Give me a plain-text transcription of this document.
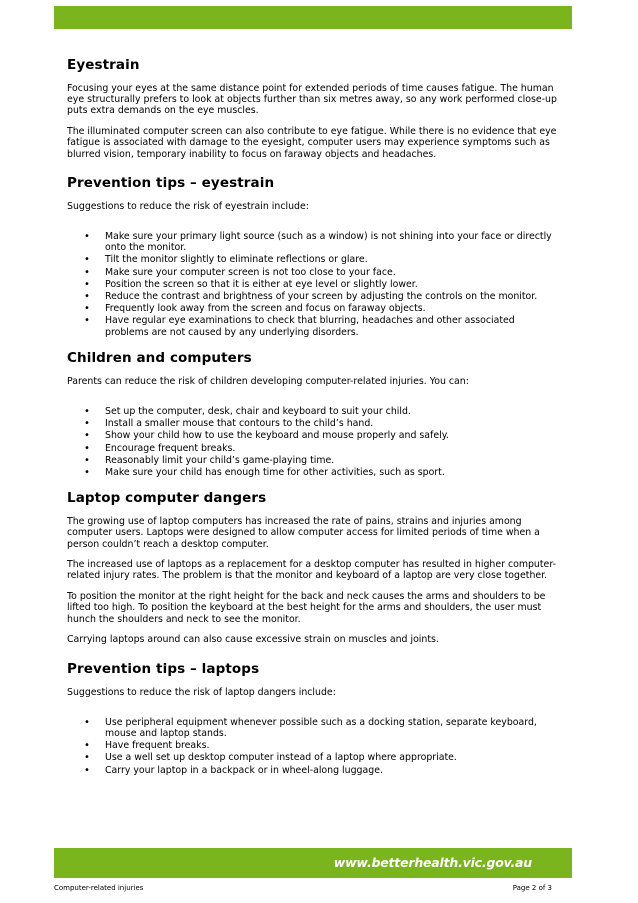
Eyestrain

Focusing your eyes at the same distance point for extended periods of time causes fatigue. The human eye structurally prefers to look at objects further than six metres away, so any work performed close-up puts extra demands on the eye muscles.

The illuminated computer screen can also contribute to eye fatigue. While there is no evidence that eye fatigue is associated with damage to the eyesight, computer users may experience symptoms such as blurred vision, temporary inability to focus on faraway objects and headaches.

Prevention tips – eyestrain

Suggestions to reduce the risk of eyestrain include:

• Make sure your primary light source (such as a window) is not shining into your face or directly onto the monitor.
• Tilt the monitor slightly to eliminate reflections or glare.
• Make sure your computer screen is not too close to your face.
• Position the screen so that it is either at eye level or slightly lower.
• Reduce the contrast and brightness of your screen by adjusting the controls on the monitor.
• Frequently look away from the screen and focus on faraway objects.
• Have regular eye examinations to check that blurring, headaches and other associated problems are not caused by any underlying disorders.
Children and computers

Parents can reduce the risk of children developing computer-related injuries. You can:

• Set up the computer, desk, chair and keyboard to suit your child.
• Install a smaller mouse that contours to the child’s hand.
• Show your child how to use the keyboard and mouse properly and safely.
• Encourage frequent breaks.
• Reasonably limit your child’s game-playing time.
• Make sure your child has enough time for other activities, such as sport.
Laptop computer dangers

The growing use of laptop computers has increased the rate of pains, strains and injuries among computer users. Laptops were designed to allow computer access for limited periods of time when a person couldn’t reach a desktop computer.

The increased use of laptops as a replacement for a desktop computer has resulted in higher computer-related injury rates. The problem is that the monitor and keyboard of a laptop are very close together.

To position the monitor at the right height for the back and neck causes the arms and shoulders to be lifted too high. To position the keyboard at the best height for the arms and shoulders, the user must hunch the shoulders and neck to see the monitor.

Carrying laptops around can also cause excessive strain on muscles and joints.

Prevention tips – laptops

Suggestions to reduce the risk of laptop dangers include:

• Use peripheral equipment whenever possible such as a docking station, separate keyboard, mouse and laptop stands.
• Have frequent breaks.
• Use a well set up desktop computer instead of a laptop where appropriate.
• Carry your laptop in a backpack or in wheel-along luggage.
www.betterhealth.vic.gov.au
Computer-related injuries	Page 2 of 3
